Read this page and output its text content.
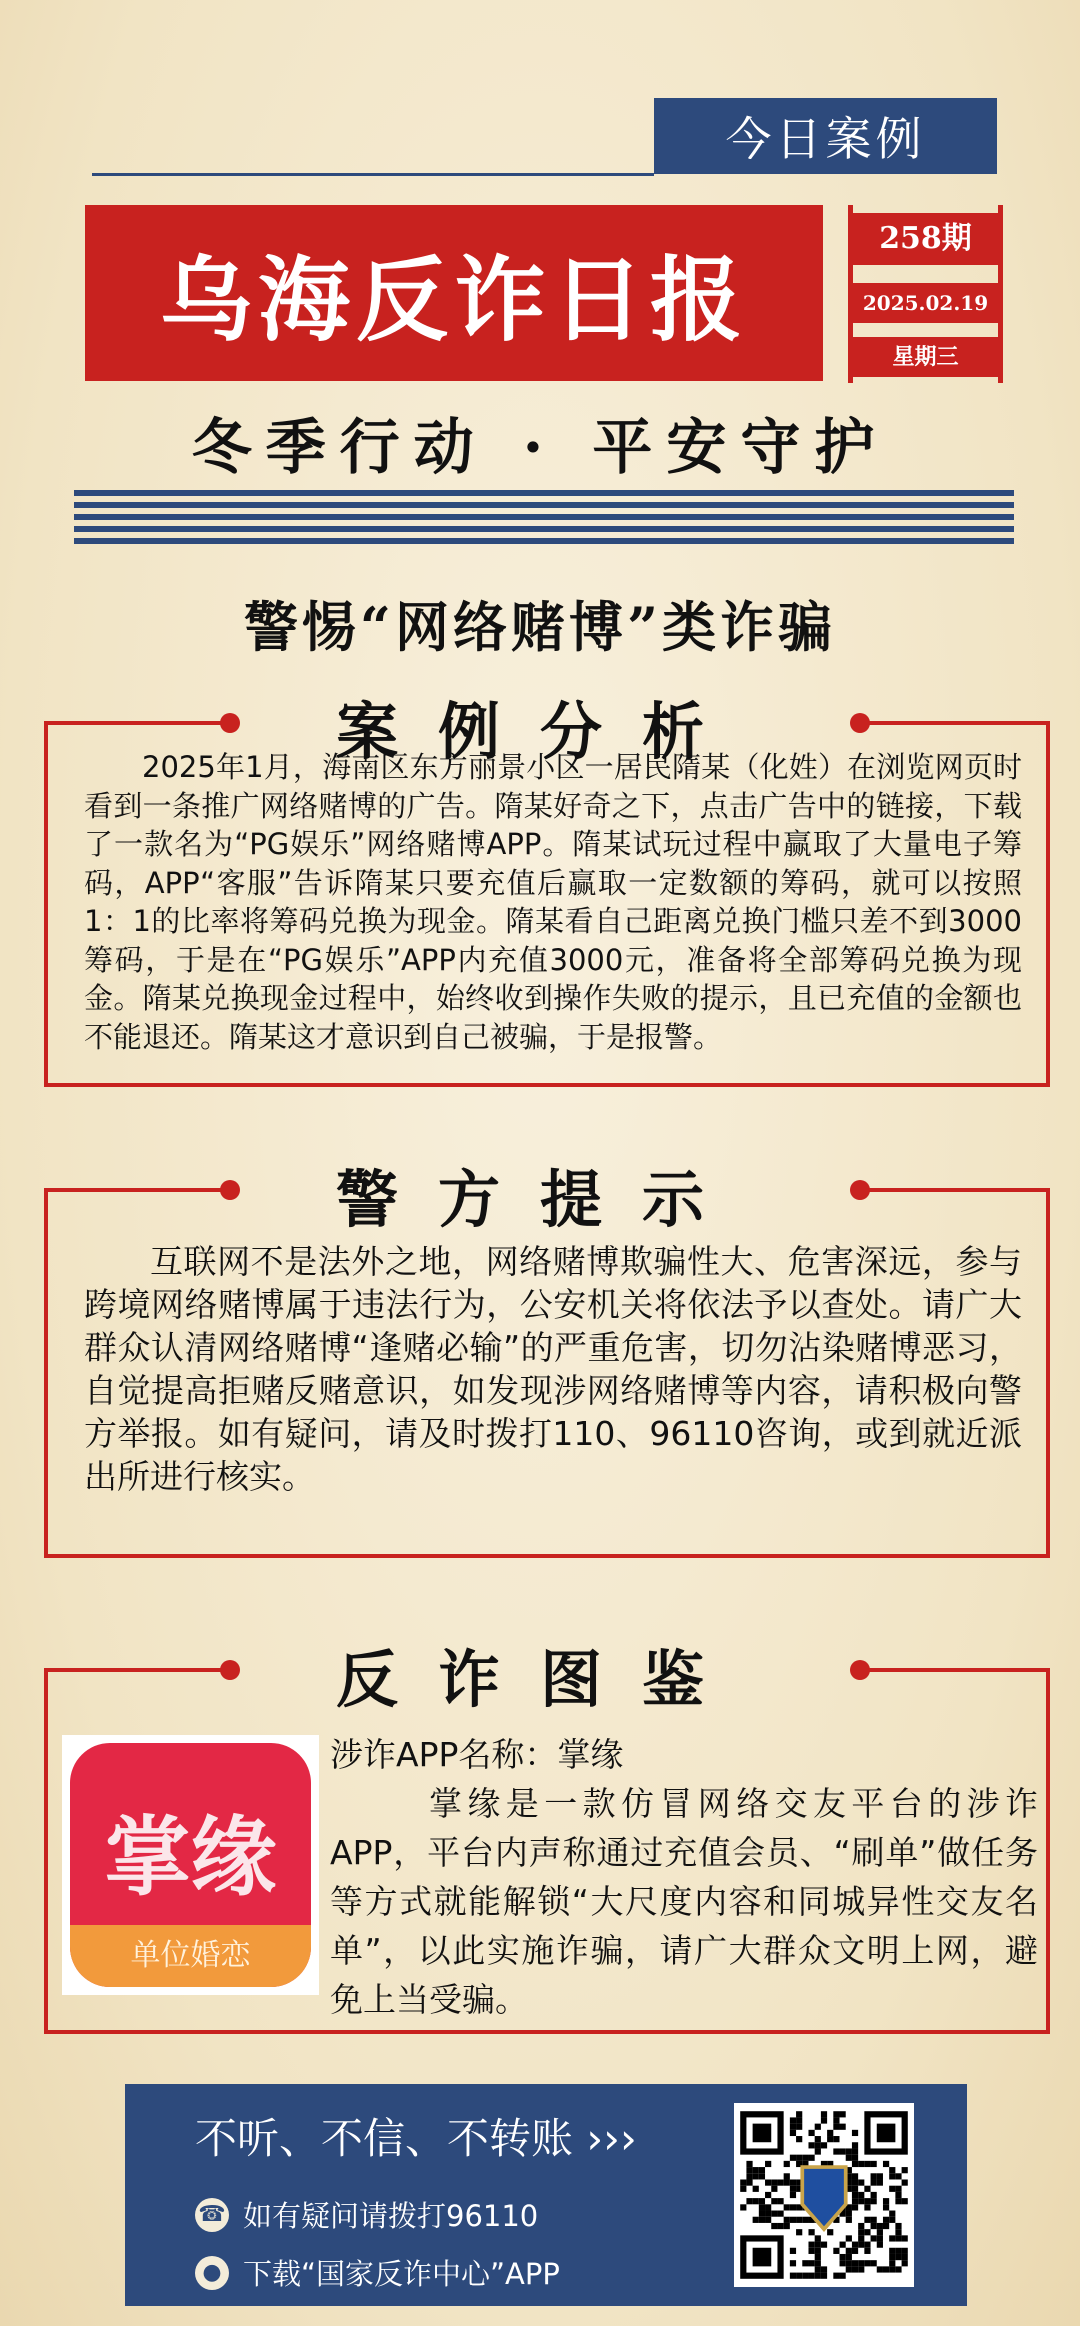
今日案例
乌海反诈日报
258期
2025.02.19
星期三
冬季行动 · 平安守护
警惕“网络赌博”类诈骗
案例分析
2025年1月，海南区东方丽景小区一居民隋某（化姓）在浏览网页时看到一条推广网络赌博的广告。隋某好奇之下，点击广告中的链接，下载了一款名为“PG娱乐”网络赌博APP。隋某试玩过程中赢取了大量电子筹码，APP“客服”告诉隋某只要充值后赢取一定数额的筹码，就可以按照1：1的比率将筹码兑换为现金。隋某看自己距离兑换门槛只差不到3000筹码，于是在“PG娱乐”APP内充值3000元，准备将全部筹码兑换为现金。隋某兑换现金过程中，始终收到操作失败的提示，且已充值的金额也不能退还。隋某这才意识到自己被骗，于是报警。
警方提示
互联网不是法外之地，网络赌博欺骗性大、危害深远，参与跨境网络赌博属于违法行为，公安机关将依法予以查处。请广大群众认清网络赌博“逢赌必输”的严重危害，切勿沾染赌博恶习，自觉提高拒赌反赌意识，如发现涉网络赌博等内容，请积极向警方举报。如有疑问，请及时拨打110、96110咨询，或到就近派出所进行核实。
反诈图鉴
掌缘
单位婚恋
涉诈APP名称：掌缘
掌缘是一款仿冒网络交友平台的涉诈APP，平台内声称通过充值会员、“刷单”做任务等方式就能解锁“大尺度内容和同城异性交友名单”，以此实施诈骗，请广大群众文明上网，避免上当受骗。
不听、不信、不转账 ›››
☎ 如有疑问请拨打96110
● 下载“国家反诈中心”APP
